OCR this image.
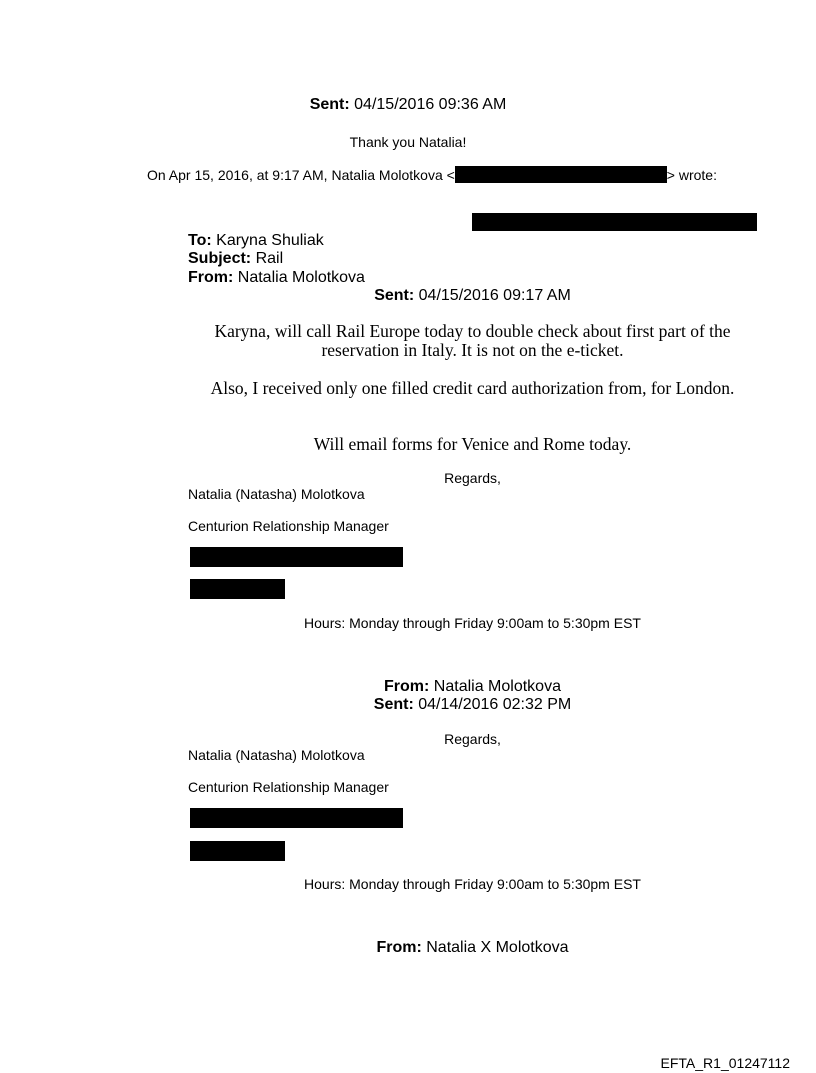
Sent: 04/15/2016 09:36 AM
Thank you Natalia!
On Apr 15, 2016, at 9:17 AM, Natalia Molotkova <	> wrote:
To: Karyna Shuliak
Subject: Rail
From: Natalia Molotkova
Sent: 04/15/2016 09:17 AM
Karyna, will call Rail Europe today to double check about first part of the reservation in Italy. It is not on the e-ticket.
Also, I received only one filled credit card authorization from, for London.
Will email forms for Venice and Rome today.
Regards,
Natalia (Natasha) Molotkova
Centurion Relationship Manager
Hours: Monday through Friday 9:00am to 5:30pm EST
From: Natalia Molotkova
Sent: 04/14/2016 02:32 PM
Regards,
Natalia (Natasha) Molotkova
Centurion Relationship Manager
Hours: Monday through Friday 9:00am to 5:30pm EST
From: Natalia X Molotkova
EFTA_R1_01247112
